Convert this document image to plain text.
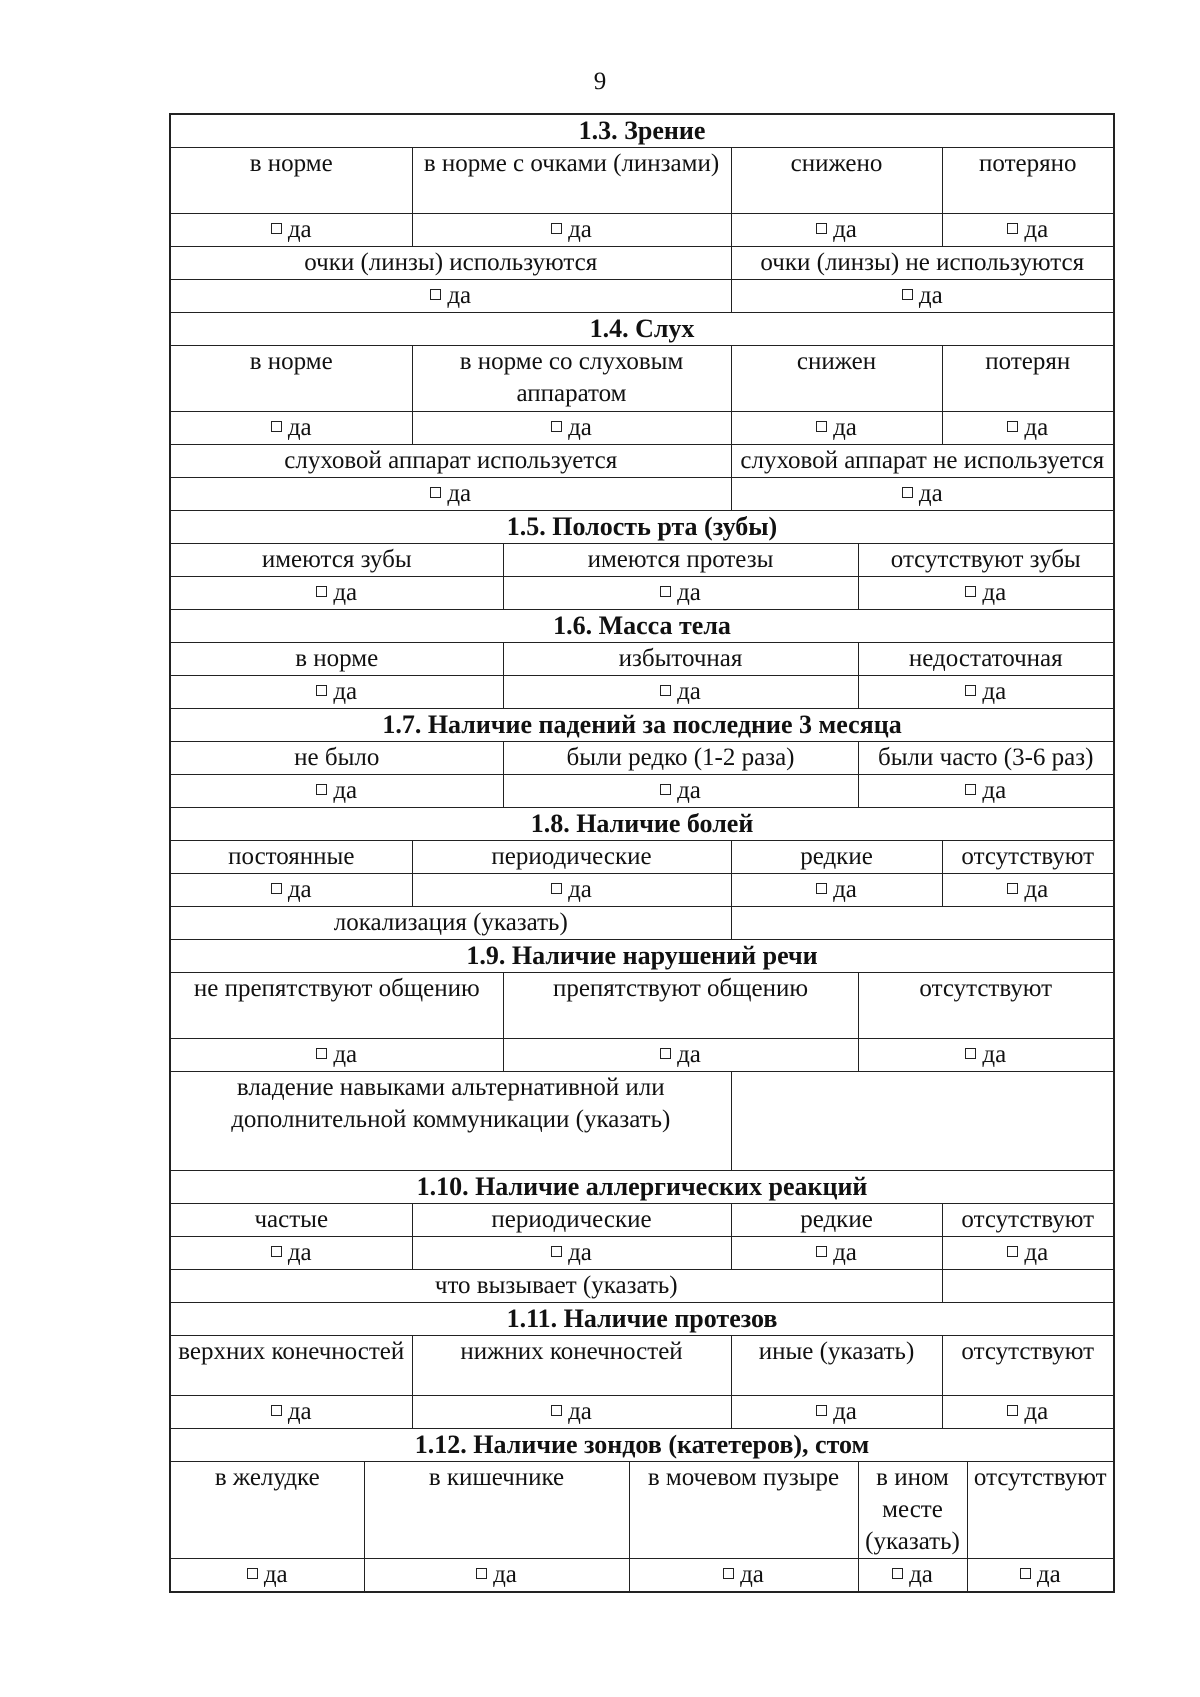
9
1.3. Зрение								
в норме		в норме с очками (линзами)			снижено		потеряно	
да		да			да		да	
очки (линзы) используются					очки (линзы) не используются			
да					да			
1.4. Слух								
в норме		в норме со слуховым аппаратом			снижен		потерян	
да		да			да		да	
слуховой аппарат используется					слуховой аппарат не используется			
да					да			
1.5. Полость рта (зубы)								
имеются зубы			имеются протезы			отсутствуют зубы		
да			да			да		
1.6. Масса тела								
в норме			избыточная			недостаточная		
да			да			да		
1.7. Наличие падений за последние 3 месяца								
не было			были редко (1-2 раза)			были часто (3-6 раз)		
да			да			да		
1.8. Наличие болей								
постоянные		периодические			редкие		отсутствуют	
да		да			да		да	
локализация (указать)								
1.9. Наличие нарушений речи								
не препятствуют общению			препятствуют общению			отсутствуют		
да			да			да		
владение навыками альтернативной или дополнительной коммуникации (указать)								
1.10. Наличие аллергических реакций								
частые		периодические			редкие		отсутствуют	
да		да			да		да	
что вызывает (указать)								
1.11. Наличие протезов								
верхних конечностей		нижних конечностей			иные (указать)		отсутствуют	
да		да			да		да	
1.12. Наличие зондов (катетеров), стом								
в желудке	в кишечнике			в мочевом пузыре		в ином месте (указать)		отсутствуют
да	да			да		да		да
